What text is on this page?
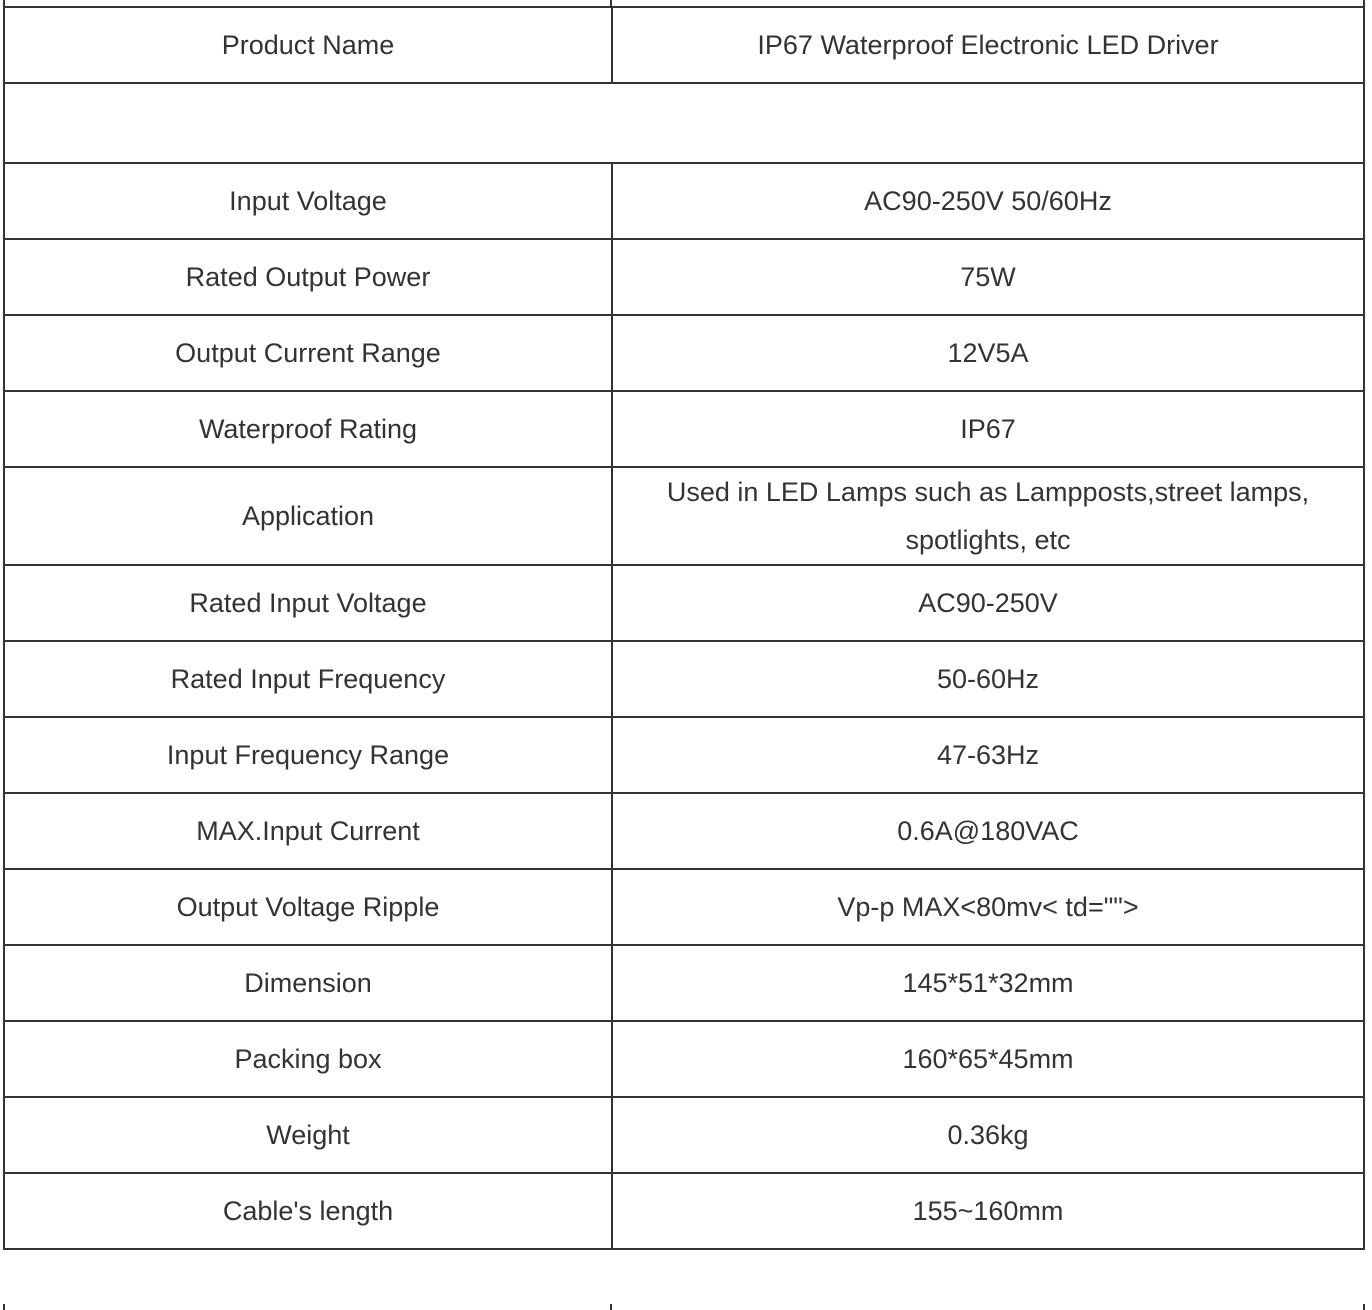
Product Name	IP67 Waterproof Electronic LED Driver

Input Voltage	AC90-250V 50/60Hz
Rated Output Power	75W
Output Current Range	12V5A
Waterproof Rating	IP67
Application	Used in LED Lamps such as Lampposts,street lamps, spotlights, etc
Rated Input Voltage	AC90-250V
Rated Input Frequency	50-60Hz
Input Frequency Range	47-63Hz
MAX.Input Current	0.6A@180VAC
Output Voltage Ripple	Vp-p MAX<80mv< td="">
Dimension	145*51*32mm
Packing box	160*65*45mm
Weight	0.36kg
Cable's length	155~160mm
